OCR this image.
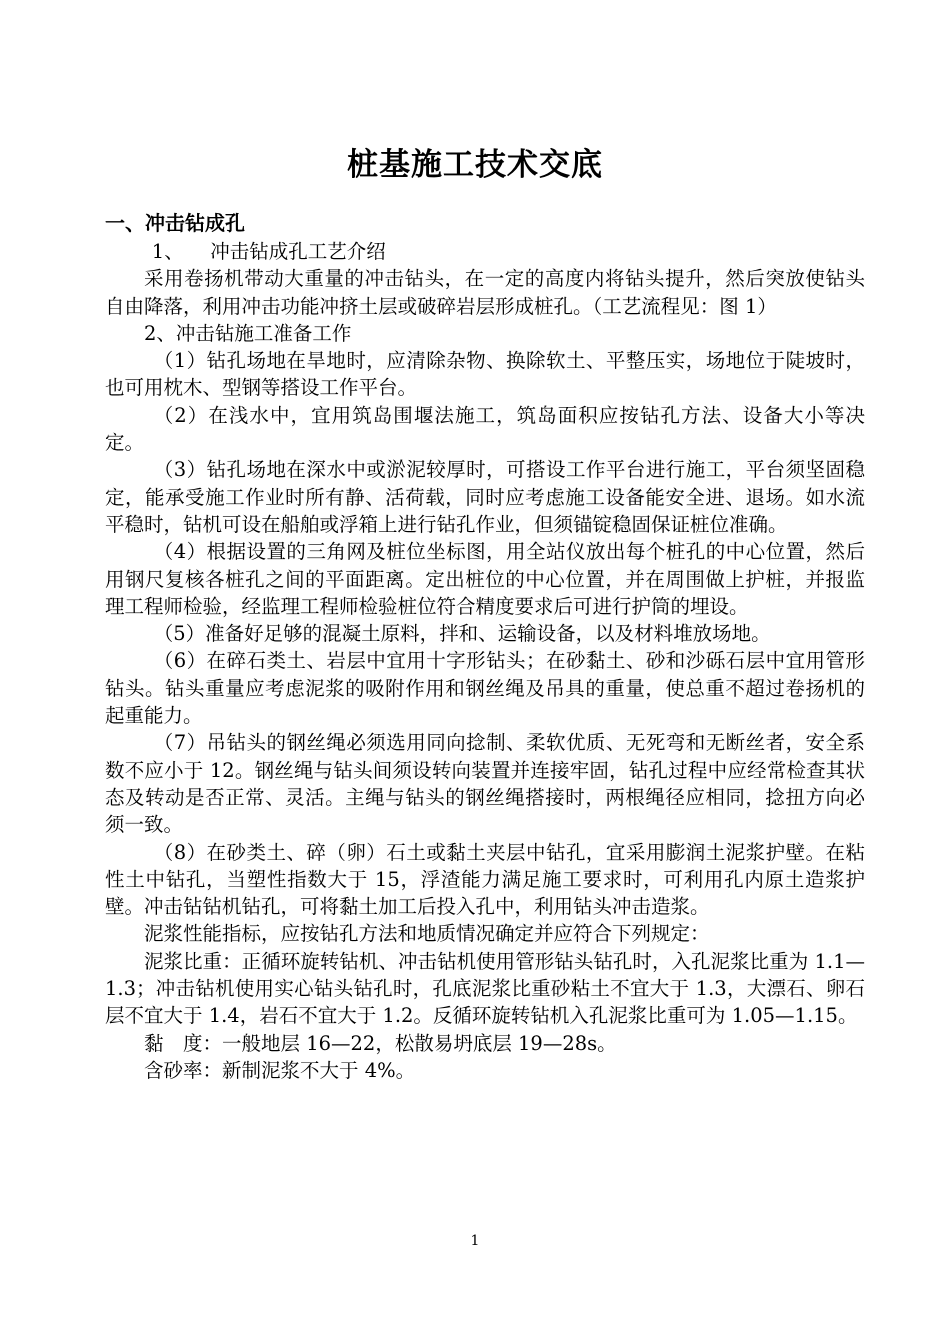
桩基施工技术交底

一、冲击钻成孔

1、 冲击钻成孔工艺介绍

采用卷扬机带动大重量的冲击钻头，在一定的高度内将钻头提升，然后突放使钻头自由降落，利用冲击功能冲挤土层或破碎岩层形成桩孔。（工艺流程见：图 1）

2、冲击钻施工准备工作

（1）钻孔场地在旱地时，应清除杂物、换除软土、平整压实，场地位于陡坡时，也可用枕木、型钢等搭设工作平台。

（2）在浅水中，宜用筑岛围堰法施工，筑岛面积应按钻孔方法、设备大小等决定。

（3）钻孔场地在深水中或淤泥较厚时，可搭设工作平台进行施工，平台须坚固稳定，能承受施工作业时所有静、活荷载，同时应考虑施工设备能安全进、退场。如水流平稳时，钻机可设在船舶或浮箱上进行钻孔作业，但须锚锭稳固保证桩位准确。

（4）根据设置的三角网及桩位坐标图，用全站仪放出每个桩孔的中心位置，然后用钢尺复核各桩孔之间的平面距离。定出桩位的中心位置，并在周围做上护桩，并报监理工程师检验，经监理工程师检验桩位符合精度要求后可进行护筒的埋设。

（5）准备好足够的混凝土原料，拌和、运输设备，以及材料堆放场地。

（6）在碎石类土、岩层中宜用十字形钻头；在砂黏土、砂和沙砾石层中宜用管形钻头。钻头重量应考虑泥浆的吸附作用和钢丝绳及吊具的重量，使总重不超过卷扬机的起重能力。

（7）吊钻头的钢丝绳必须选用同向捻制、柔软优质、无死弯和无断丝者，安全系数不应小于 12。钢丝绳与钻头间须设转向装置并连接牢固，钻孔过程中应经常检查其状态及转动是否正常、灵活。主绳与钻头的钢丝绳搭接时，两根绳径应相同，捻扭方向必须一致。

（8）在砂类土、碎（卵）石土或黏土夹层中钻孔，宜采用膨润土泥浆护壁。在粘性土中钻孔，当塑性指数大于 15，浮渣能力满足施工要求时，可利用孔内原土造浆护壁。冲击钻钻机钻孔，可将黏土加工后投入孔中，利用钻头冲击造浆。

泥浆性能指标，应按钻孔方法和地质情况确定并应符合下列规定：

泥浆比重：正循环旋转钻机、冲击钻机使用管形钻头钻孔时，入孔泥浆比重为 1.1—1.3；冲击钻机使用实心钻头钻孔时，孔底泥浆比重砂粘土不宜大于 1.3，大漂石、卵石层不宜大于 1.4，岩石不宜大于 1.2。反循环旋转钻机入孔泥浆比重可为 1.05—1.15。

黏　度：一般地层 16—22，松散易坍底层 19—28s。

含砂率：新制泥浆不大于 4%。

1
